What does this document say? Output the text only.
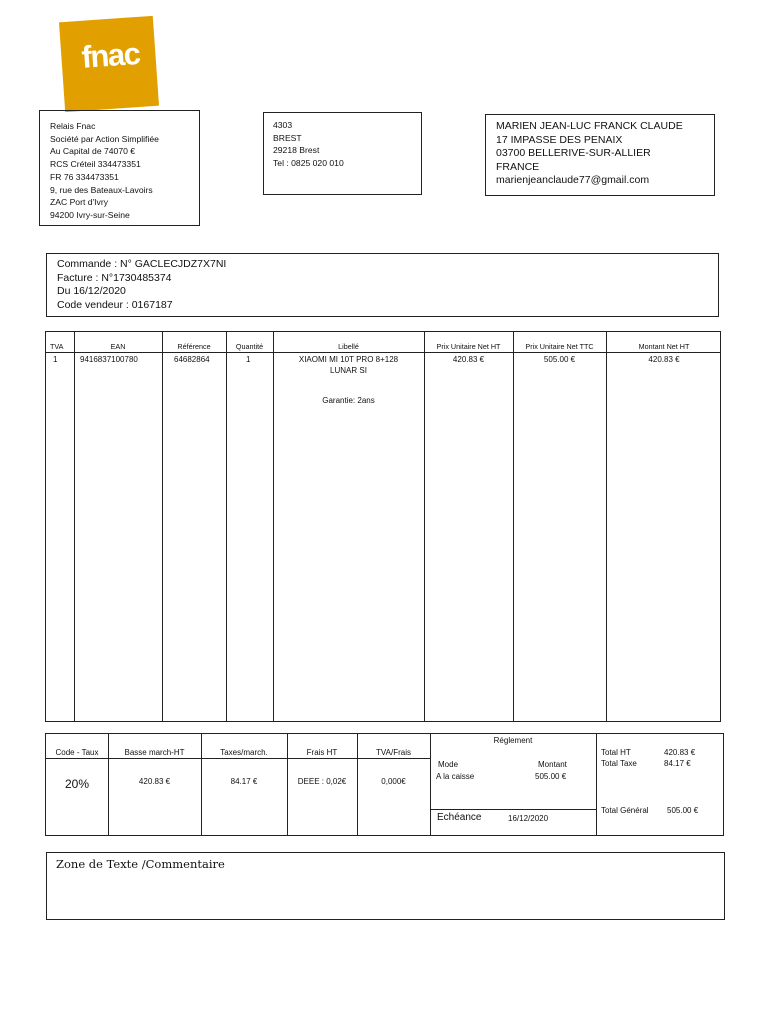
fnac
Relais Fnac
Société par Action Simplifiée
Au Capital de 74070 €
RCS Créteil 334473351
FR 76 334473351
9, rue des Bateaux-Lavoirs
ZAC Port d'Ivry
94200 Ivry-sur-Seine
4303
BREST
29218 Brest
Tel : 0825 020 010
MARIEN JEAN-LUC FRANCK CLAUDE
17 IMPASSE DES PENAIX
03700 BELLERIVE-SUR-ALLIER
FRANCE
marienjeanclaude77@gmail.com
Commande : N° GACLECJDZ7X7NI
Facture : N°1730485374
Du 16/12/2020
Code vendeur : 0167187
TVA	EAN	Référence	Quantité	Libellé	Prix Unitaire Net HT	Prix Unitaire Net TTC	Montant Net HT
1	9416837100780	64682864	1	XIAOMI MI 10T PRO 8+128
LUNAR SI
Garantie: 2ans
420.83 €	505.00 €	420.83 €
Code - Taux	Basse march-HT	Taxes/march.	Frais HT	TVA/Frais
20%	420.83 €	84.17 €	DEEE : 0,02€	0,000€
Réglement
Mode	Montant
A la caisse	505.00 €
Echéance	16/12/2020
Total HT	420.83 €
Total Taxe	84.17 €
Total Général 505.00 €
Zone de Texte /Commentaire
